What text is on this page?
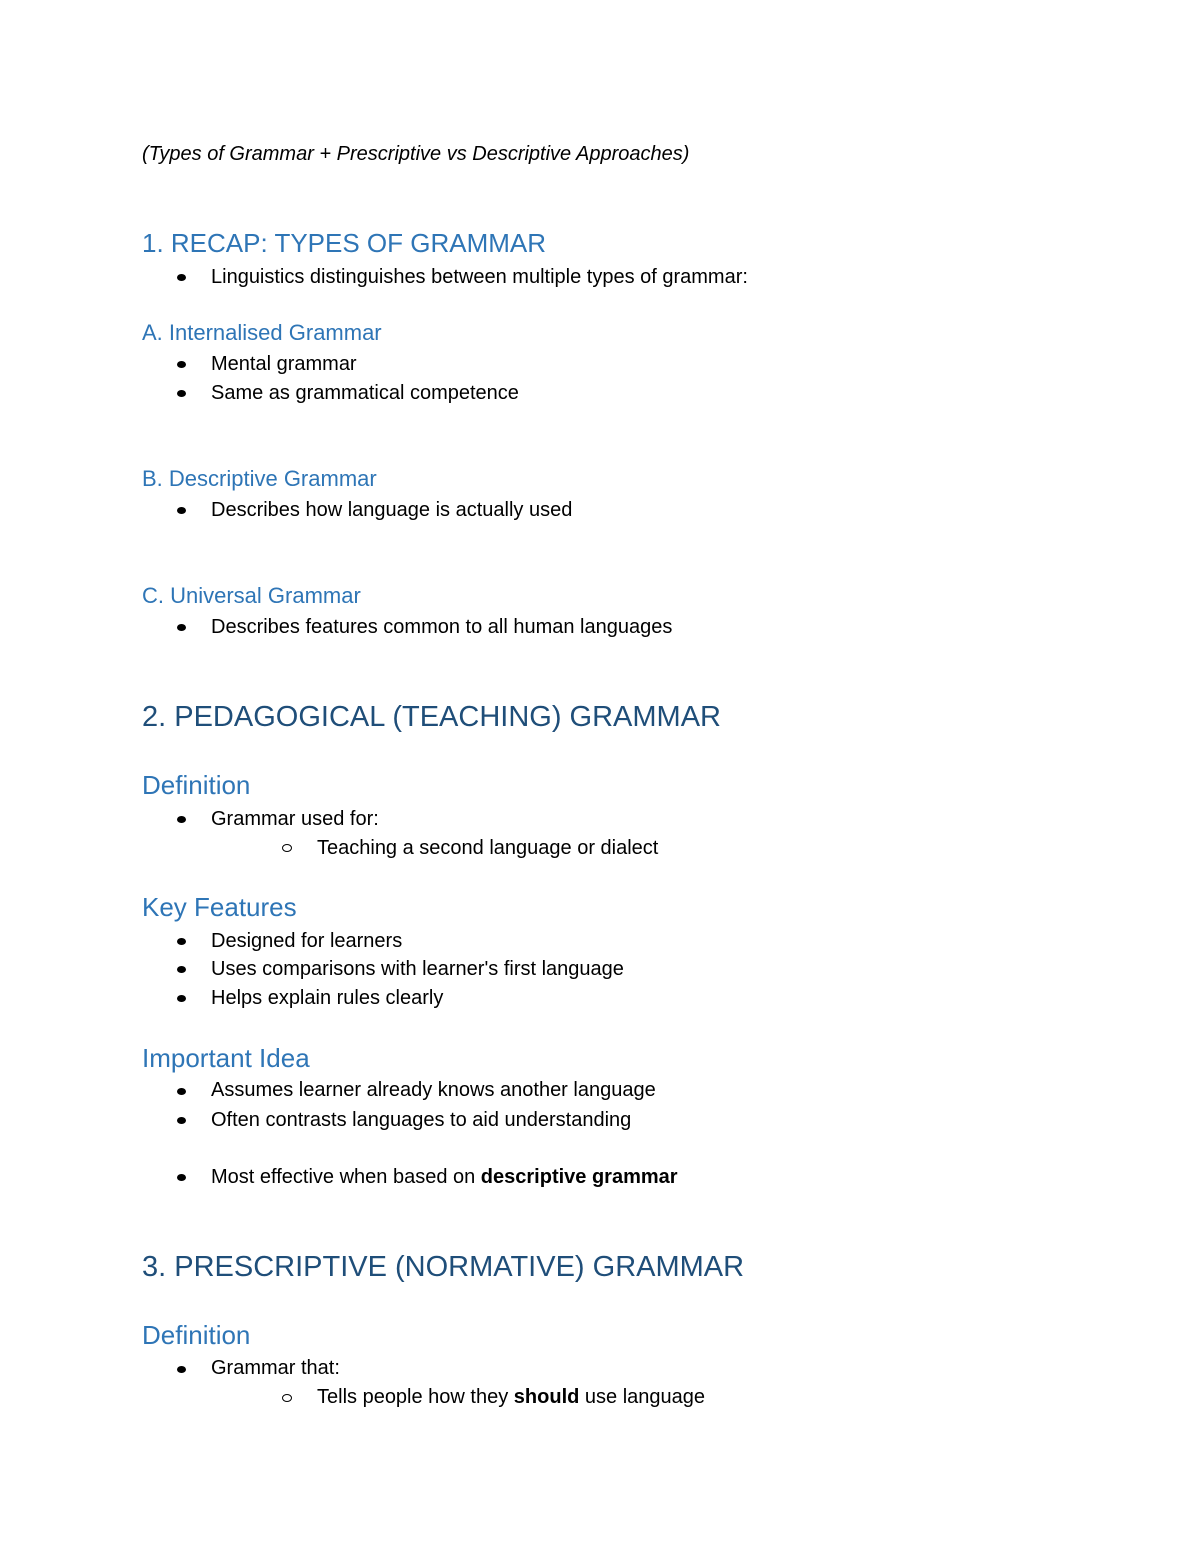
(Types of Grammar + Prescriptive vs Descriptive Approaches)
1. RECAP: TYPES OF GRAMMAR
Linguistics distinguishes between multiple types of grammar:
A. Internalised Grammar
Mental grammar
Same as grammatical competence
B. Descriptive Grammar
Describes how language is actually used
C. Universal Grammar
Describes features common to all human languages
2. PEDAGOGICAL (TEACHING) GRAMMAR
Definition
Grammar used for:
Teaching a second language or dialect
Key Features
Designed for learners
Uses comparisons with learner's first language
Helps explain rules clearly
Important Idea
Assumes learner already knows another language
Often contrasts languages to aid understanding
Most effective when based on descriptive grammar
3. PRESCRIPTIVE (NORMATIVE) GRAMMAR
Definition
Grammar that:
Tells people how they should use language
